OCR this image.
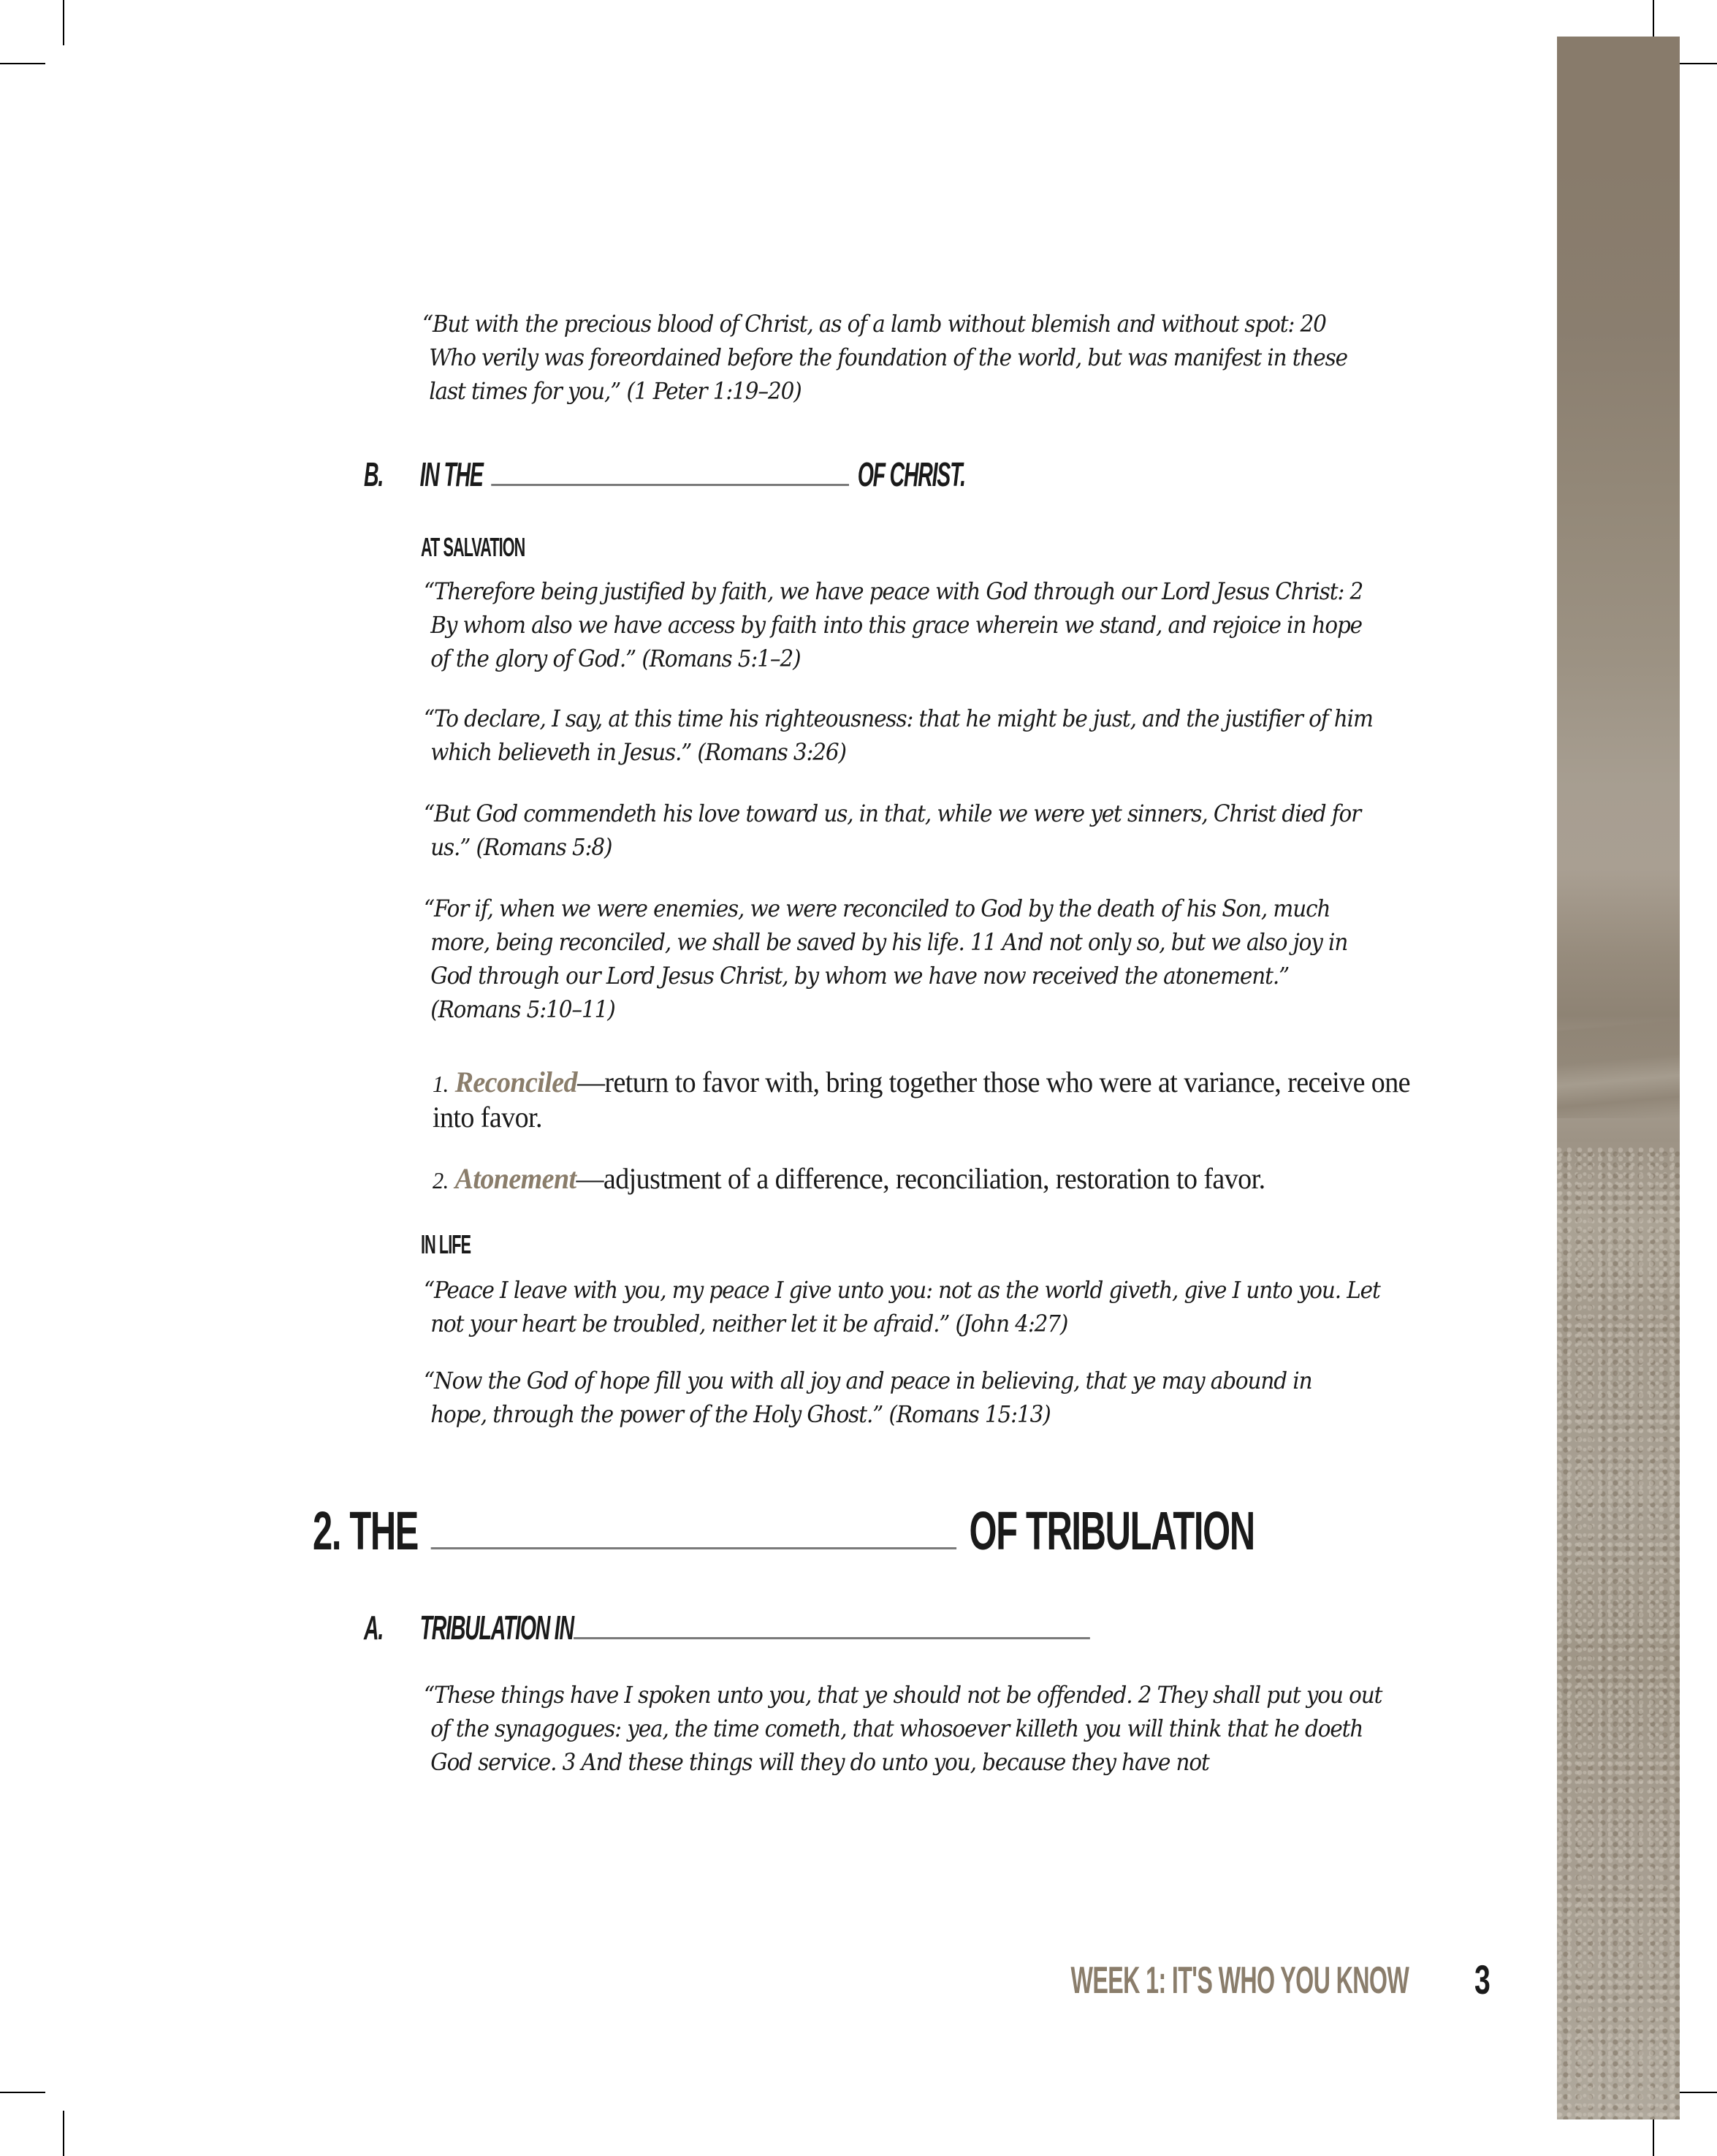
“But with the precious blood of Christ, as of a lamb without blemish and without spot: 20 Who verily was foreordained before the foundation of the world, but was manifest in these last times for you,” (1 Peter 1:19–20)

B. IN THE	OF CHRIST.
AT SALVATION

“Therefore being justified by faith, we have peace with God through our Lord Jesus Christ: 2 By whom also we have access by faith into this grace wherein we stand, and rejoice in hope of the glory of God.” (Romans 5:1–2)

“To declare, I say, at this time his righteousness: that he might be just, and the justifier of him which believeth in Jesus.” (Romans 3:26)

“But God commendeth his love toward us, in that, while we were yet sinners, Christ died for us.” (Romans 5:8)

“For if, when we were enemies, we were reconciled to God by the death of his Son, much more, being reconciled, we shall be saved by his life. 11 And not only so, but we also joy in God through our Lord Jesus Christ, by whom we have now received the atonement.” (Romans 5:10–11)

1. Reconciled—return to favor with, bring together those who were at variance, receive one into favor.
2. Atonement—adjustment of a difference, reconciliation, restoration to favor.
IN LIFE

“Peace I leave with you, my peace I give unto you: not as the world giveth, give I unto you. Let not your heart be troubled, neither let it be afraid.” (John 4:27)

“Now the God of hope fill you with all joy and peace in believing, that ye may abound in hope, through the power of the Holy Ghost.” (Romans 15:13)

2. THE	OF TRIBULATION
A. TRIBULATION IN

“These things have I spoken unto you, that ye should not be offended. 2 They shall put you out of the synagogues: yea, the time cometh, that whosoever killeth you will think that he doeth God service. 3 And these things will they do unto you, because they have not

WEEK 1: IT'S WHO YOU KNOW 3
